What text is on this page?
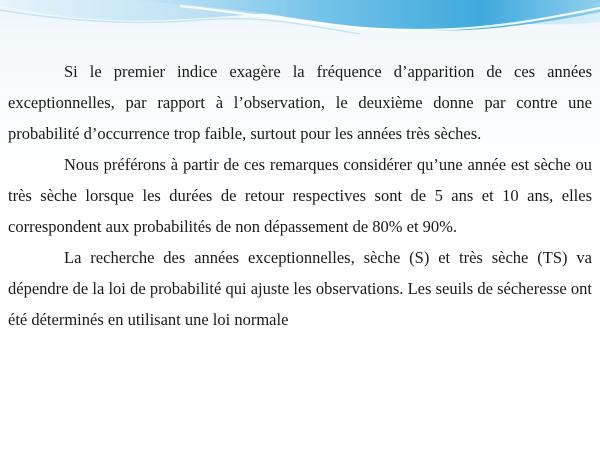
Si le premier indice exagère la fréquence d’apparition de ces années exceptionnelles, par rapport à l’observation, le deuxième donne par contre une probabilité d’occurrence trop faible, surtout pour les années très sèches.

Nous préférons à partir de ces remarques considérer qu’une année est sèche ou très sèche lorsque les durées de retour respectives sont de 5 ans et 10 ans, elles correspondent aux probabilités de non dépassement de 80% et 90%.

La recherche des années exceptionnelles, sèche (S) et très sèche (TS) va dépendre de la loi de probabilité qui ajuste les observations. Les seuils de sécheresse ont été déterminés en utilisant une loi normale
